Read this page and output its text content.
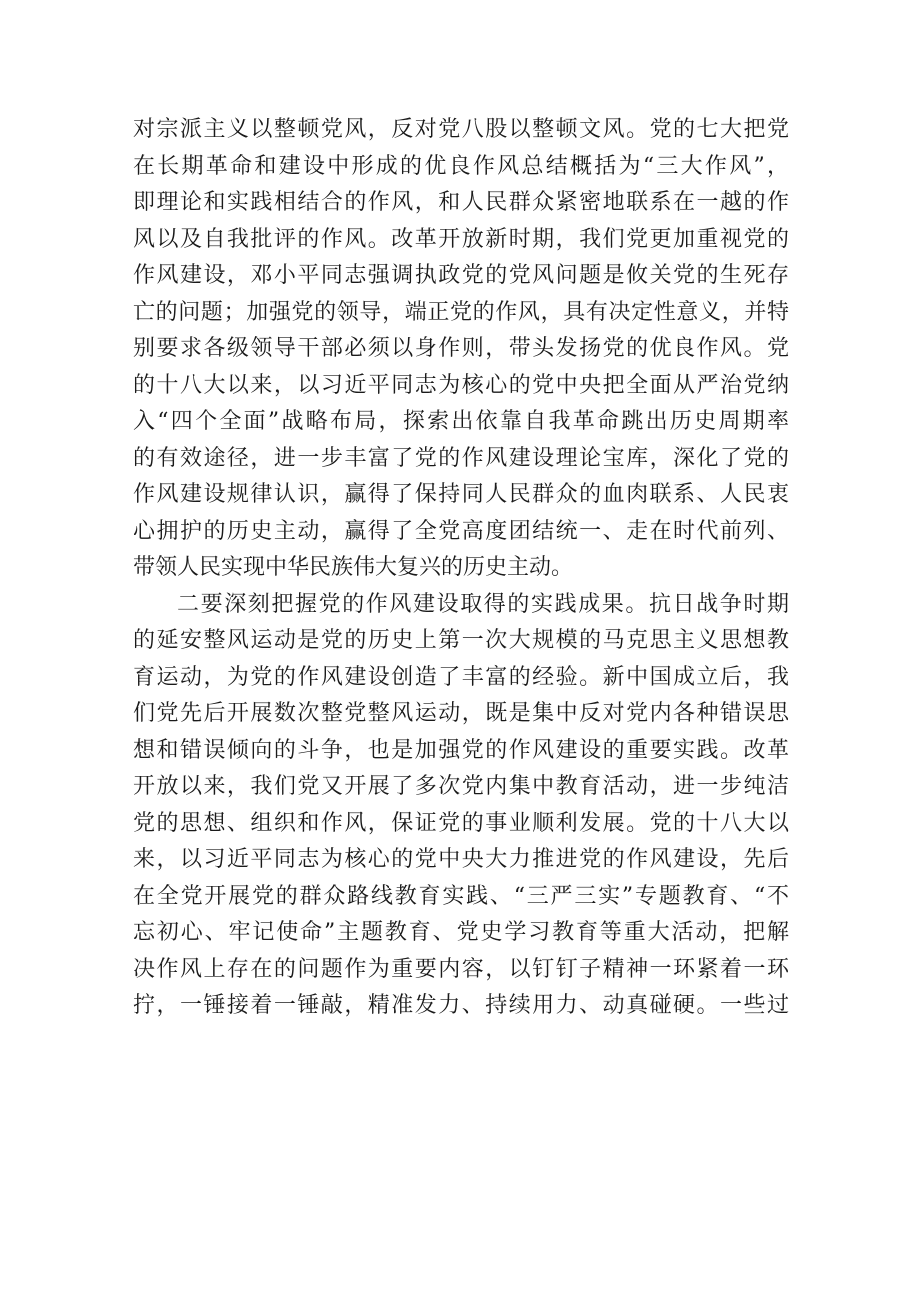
对宗派主义以整顿党风，反对党八股以整顿文风。党的七大把党
在长期革命和建设中形成的优良作风总结概括为“三大作风”，
即理论和实践相结合的作风，和人民群众紧密地联系在一越的作
风以及自我批评的作风。改革开放新时期，我们党更加重视党的
作风建设，邓小平同志强调执政党的党风问题是攸关党的生死存
亡的问题；加强党的领导，端正党的作风，具有决定性意义，并特
别要求各级领导干部必须以身作则，带头发扬党的优良作风。党
的十八大以来，以习近平同志为核心的党中央把全面从严治党纳
入“四个全面”战略布局，探索出依靠自我革命跳出历史周期率
的有效途径，进一步丰富了党的作风建设理论宝库，深化了党的
作风建设规律认识，赢得了保持同人民群众的血肉联系、人民衷
心拥护的历史主动，赢得了全党高度团结统一、走在时代前列、
带领人民实现中华民族伟大复兴的历史主动。
二要深刻把握党的作风建设取得的实践成果。抗日战争时期
的延安整风运动是党的历史上第一次大规模的马克思主义思想教
育运动，为党的作风建设创造了丰富的经验。新中国成立后，我
们党先后开展数次整党整风运动，既是集中反对党内各种错误思
想和错误倾向的斗争，也是加强党的作风建设的重要实践。改革
开放以来，我们党又开展了多次党内集中教育活动，进一步纯洁
党的思想、组织和作风，保证党的事业顺利发展。党的十八大以
来，以习近平同志为核心的党中央大力推进党的作风建设，先后
在全党开展党的群众路线教育实践、“三严三实”专题教育、“不
忘初心、牢记使命”主题教育、党史学习教育等重大活动，把解
决作风上存在的问题作为重要内容，以钉钉子精神一环紧着一环
拧，一锤接着一锤敲，精准发力、持续用力、动真碰硬。一些过
